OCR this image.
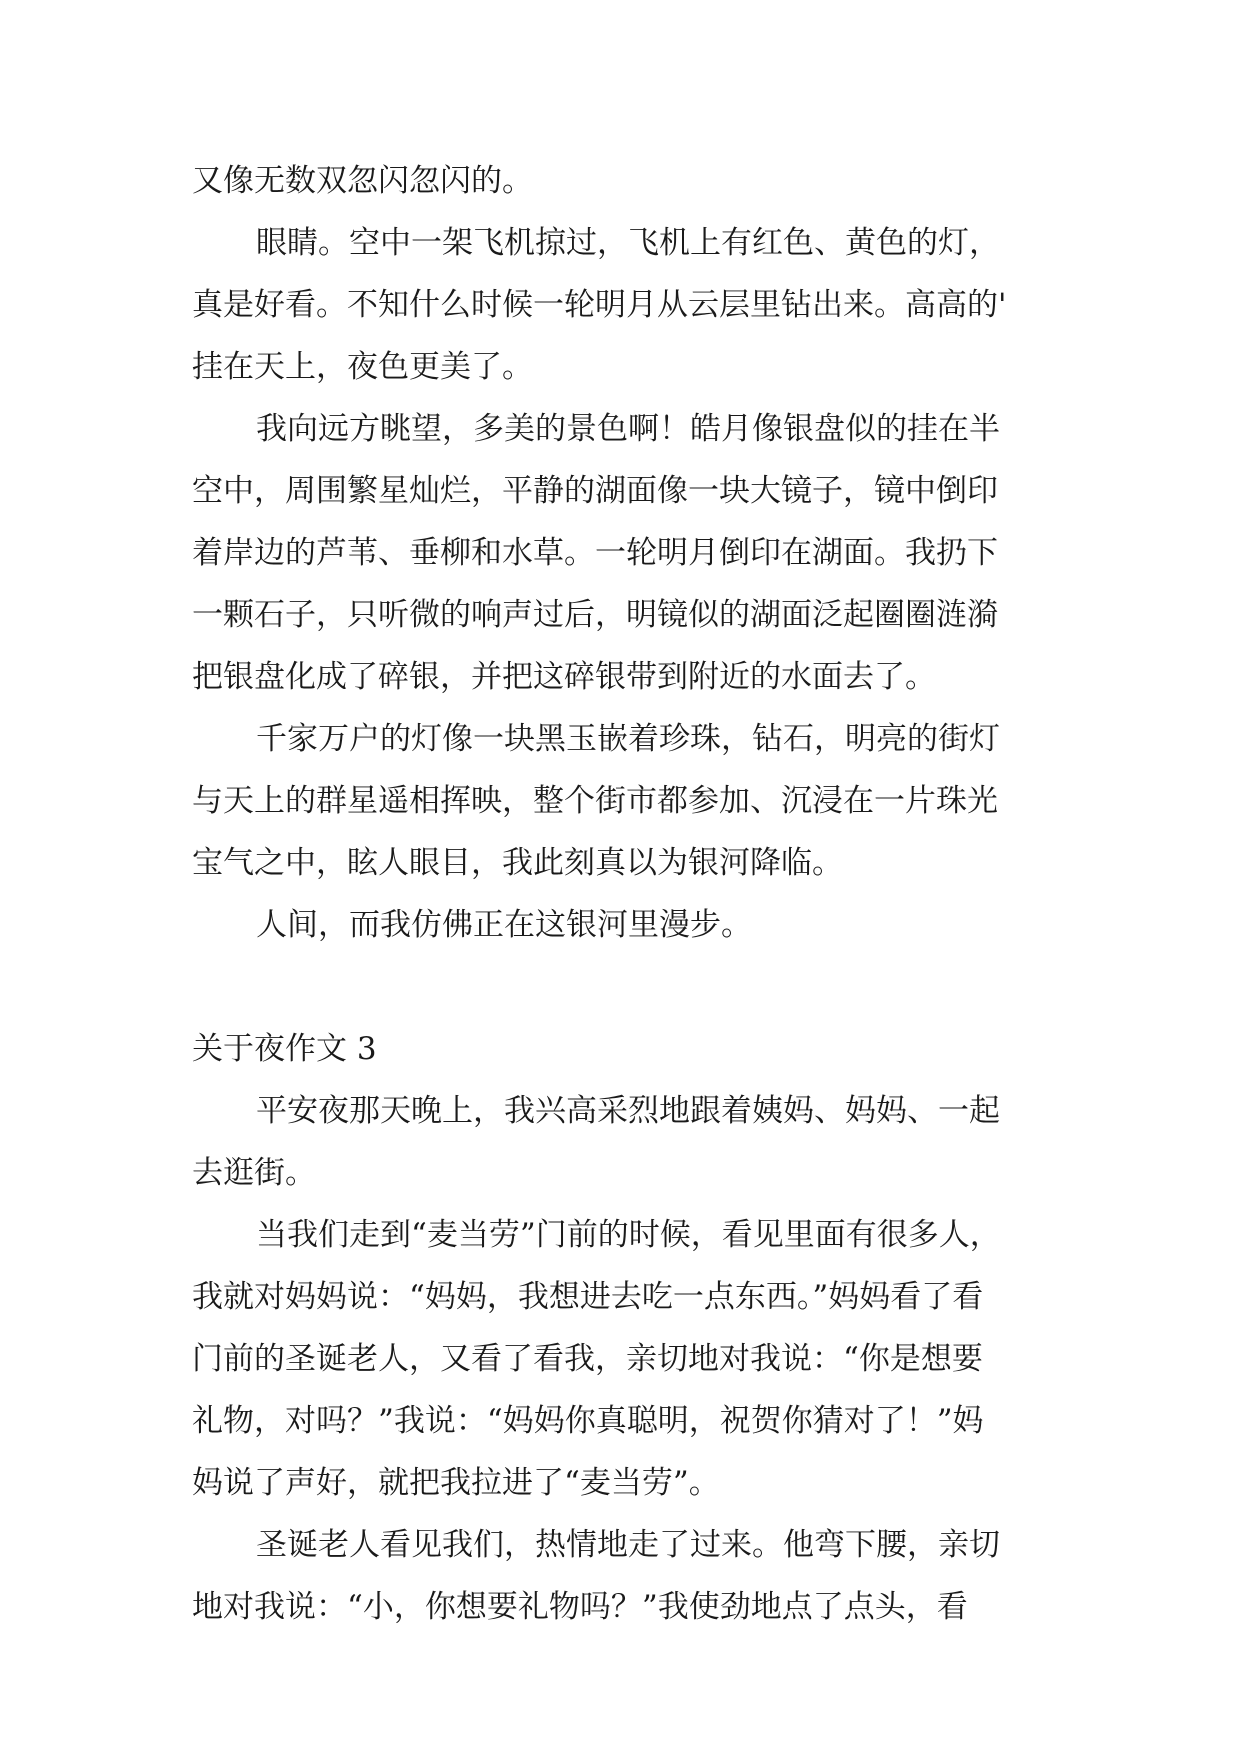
又像无数双忽闪忽闪的。
眼睛。空中一架飞机掠过，飞机上有红色、黄色的灯，
真是好看。不知什么时候一轮明月从云层里钻出来。高高的'
挂在天上，夜色更美了。
我向远方眺望，多美的景色啊！皓月像银盘似的挂在半
空中，周围繁星灿烂，平静的湖面像一块大镜子，镜中倒印
着岸边的芦苇、垂柳和水草。一轮明月倒印在湖面。我扔下
一颗石子，只听微的响声过后，明镜似的湖面泛起圈圈涟漪
把银盘化成了碎银，并把这碎银带到附近的水面去了。
千家万户的灯像一块黑玉嵌着珍珠，钻石，明亮的街灯
与天上的群星遥相挥映，整个街市都参加、沉浸在一片珠光
宝气之中，眩人眼目，我此刻真以为银河降临。
人间，而我仿佛正在这银河里漫步。
关于夜作文 3
平安夜那天晚上，我兴高采烈地跟着姨妈、妈妈、一起
去逛街。
当我们走到“麦当劳”门前的时候，看见里面有很多人，
我就对妈妈说：“妈妈，我想进去吃一点东西。”妈妈看了看
门前的圣诞老人，又看了看我，亲切地对我说：“你是想要
礼物，对吗？”我说：“妈妈你真聪明，祝贺你猜对了！”妈
妈说了声好，就把我拉进了“麦当劳”。
圣诞老人看见我们，热情地走了过来。他弯下腰，亲切
地对我说：“小，你想要礼物吗？”我使劲地点了点头，看
